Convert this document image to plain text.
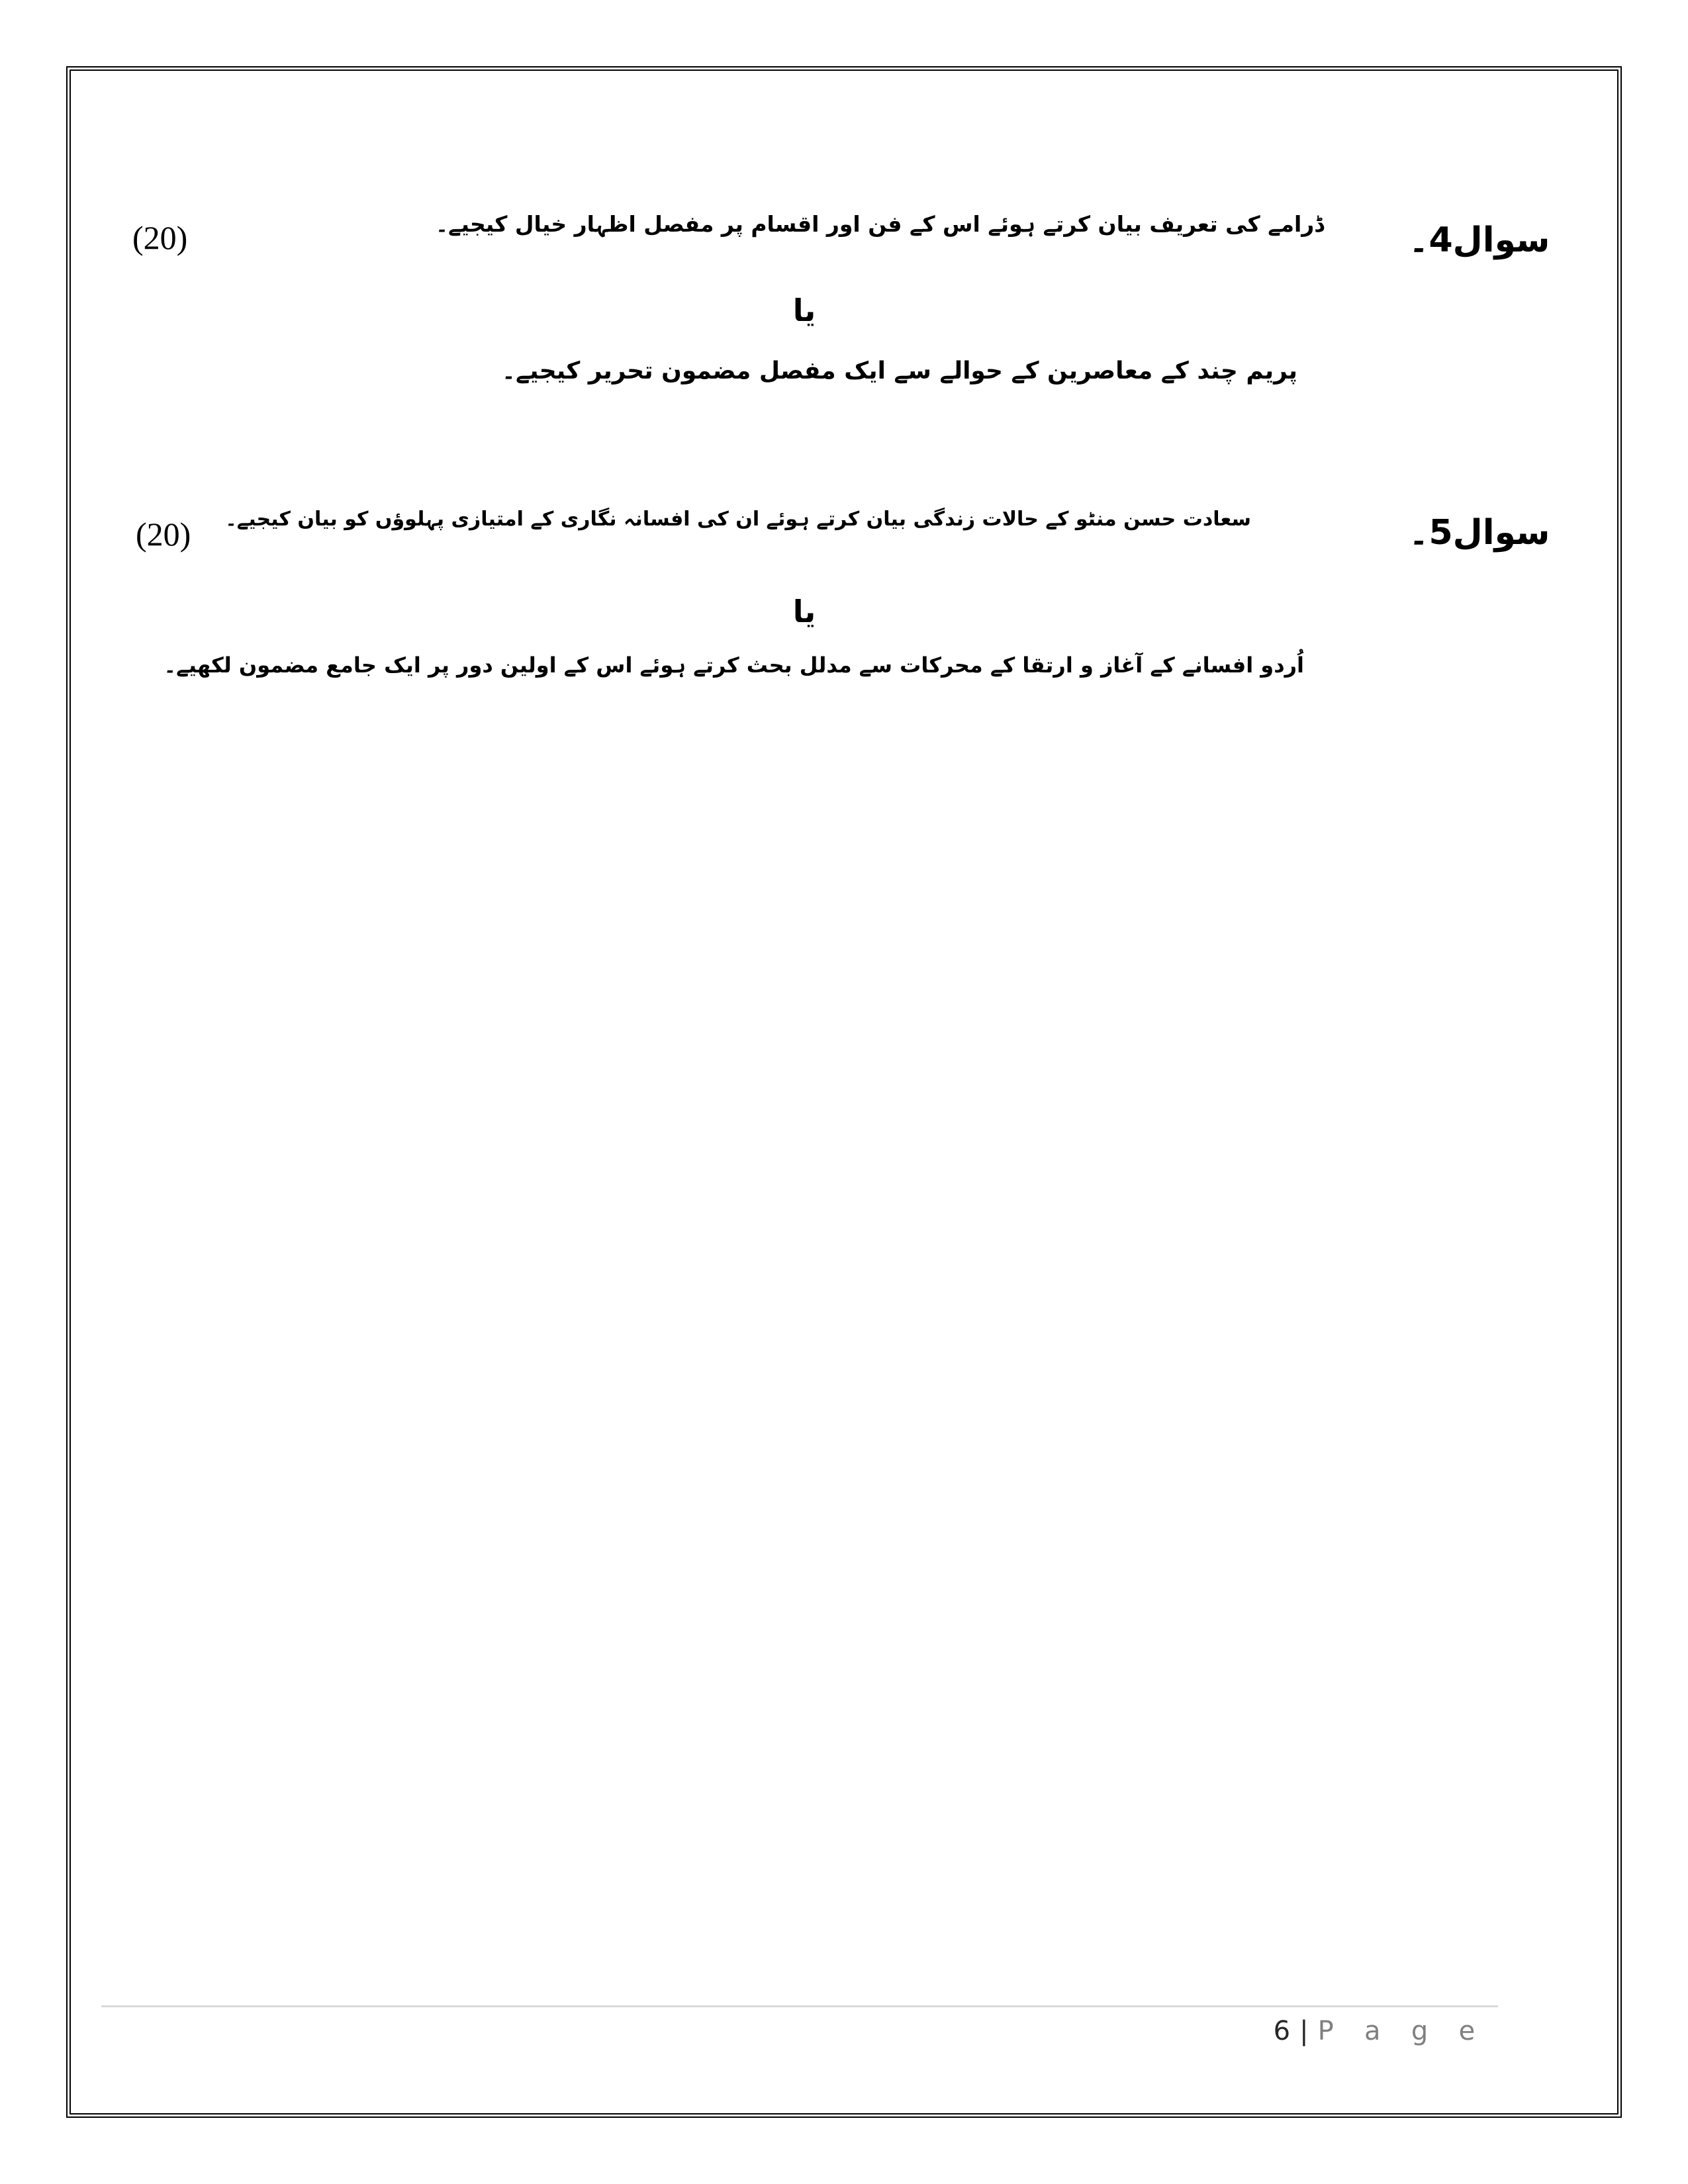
سوال4۔

ڈرامے کی تعریف بیان کرتے ہوئے اس کے فن اور اقسام پر مفصل اظہار خیال کیجیے۔

(20)
یا

پریم چند کے معاصرین کے حوالے سے ایک مفصل مضمون تحریر کیجیے۔

سوال5۔

سعادت حسن منٹو کے حالات زندگی بیان کرتے ہوئے ان کی افسانہ نگاری کے امتیازی پہلوؤں کو بیان کیجیے۔

(20)
یا

اُردو افسانے کے آغاز و ارتقا کے محرکات سے مدلل بحث کرتے ہوئے اس کے اولین دور پر ایک جامع مضمون لکھیے۔

6 | P a g e
